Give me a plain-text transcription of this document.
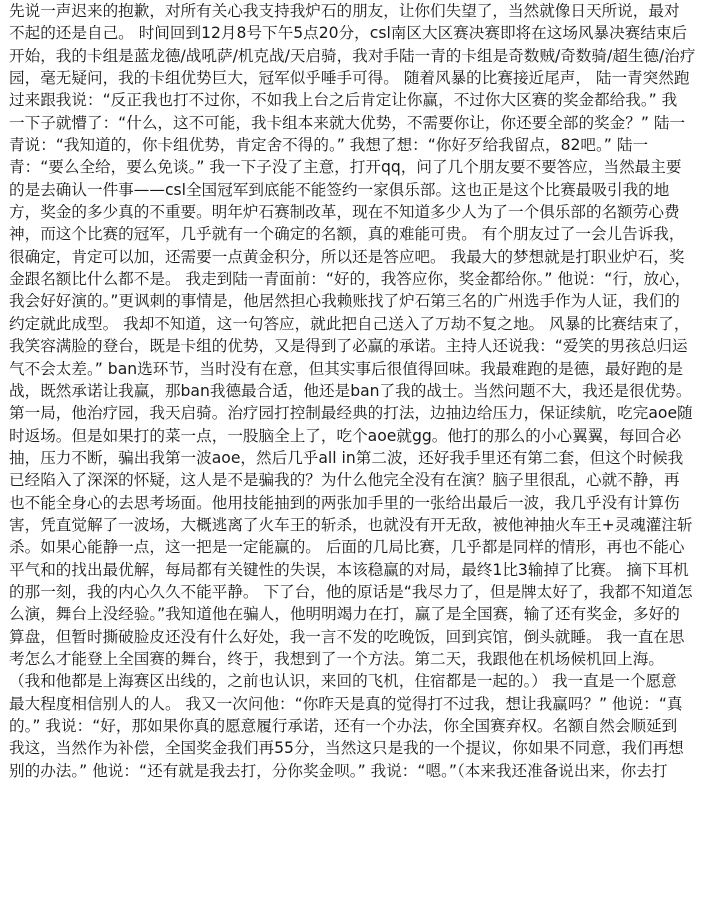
先说一声迟来的抱歉，对所有关心我支持我炉石的朋友，让你们失望了，当然就像日天所说，最对
不起的还是自己。 时间回到12月8号下午5点20分，csl南区大区赛决赛即将在这场风暴决赛结束后
开始，我的卡组是蓝龙德/战吼萨/机克战/天启骑，我对手陆一青的卡组是奇数贼/奇数骑/超生德/治疗
园，毫无疑问，我的卡组优势巨大，冠军似乎唾手可得。 随着风暴的比赛接近尾声， 陆一青突然跑
过来跟我说：“反正我也打不过你，不如我上台之后肯定让你赢，不过你大区赛的奖金都给我。” 我
一下子就懵了：“什么，这不可能，我卡组本来就大优势，不需要你让，你还要全部的奖金？” 陆一
青说：“我知道的，你卡组优势，肯定舍不得的。” 我想了想：“你好歹给我留点，82吧。” 陆一
青：“要么全给，要么免谈。” 我一下子没了主意，打开qq，问了几个朋友要不要答应，当然最主要
的是去确认一件事——csl全国冠军到底能不能签约一家俱乐部。这也正是这个比赛最吸引我的地
方，奖金的多少真的不重要。明年炉石赛制改革，现在不知道多少人为了一个俱乐部的名额劳心费
神，而这个比赛的冠军，几乎就有一个确定的名额，真的难能可贵。 有个朋友过了一会儿告诉我，
很确定，肯定可以加，还需要一点黄金积分，所以还是答应吧。 我最大的梦想就是打职业炉石，奖
金跟名额比什么都不是。 我走到陆一青面前：“好的，我答应你，奖金都给你。” 他说：“行，放心，
我会好好演的。”更讽刺的事情是，他居然担心我赖账找了炉石第三名的广州选手作为人证，我们的
约定就此成型。 我却不知道，这一句答应，就此把自己送入了万劫不复之地。 风暴的比赛结束了，
我笑容满脸的登台，既是卡组的优势，又是得到了必赢的承诺。主持人还说我：“爱笑的男孩总归运
气不会太差。” ban选环节，当时没有在意，但其实事后很值得回味。我最难跑的是德，最好跑的是
战，既然承诺让我赢，那ban我德最合适，他还是ban了我的战士。当然问题不大，我还是很优势。
第一局，他治疗园，我天启骑。治疗园打控制最经典的打法，边抽边给压力，保证续航，吃完aoe随
时返场。但是如果打的菜一点，一股脑全上了，吃个aoe就gg。他打的那么的小心翼翼，每回合必
抽，压力不断，骗出我第一波aoe，然后几乎all in第二波，还好我手里还有第二套，但这个时候我
已经陷入了深深的怀疑，这人是不是骗我的？为什么他完全没有在演？脑子里很乱，心就不静，再
也不能全身心的去思考场面。他用技能抽到的两张加手里的一张给出最后一波，我几乎没有计算伤
害，凭直觉解了一波场，大概逃离了火车王的斩杀，也就没有开无敌，被他神抽火车王+灵魂灌注斩
杀。如果心能静一点，这一把是一定能赢的。 后面的几局比赛，几乎都是同样的情形，再也不能心
平气和的找出最优解，每局都有关键性的失误，本该稳赢的对局，最终1比3输掉了比赛。 摘下耳机
的那一刻，我的内心久久不能平静。 下了台，他的原话是“我尽力了，但是牌太好了，我都不知道怎
么演，舞台上没经验。”我知道他在骗人，他明明竭力在打，赢了是全国赛，输了还有奖金，多好的
算盘，但暂时撕破脸皮还没有什么好处，我一言不发的吃晚饭，回到宾馆，倒头就睡。 我一直在思
考怎么才能登上全国赛的舞台，终于，我想到了一个方法。第二天，我跟他在机场候机回上海。
（我和他都是上海赛区出线的，之前也认识，来回的飞机，住宿都是一起的。） 我一直是一个愿意
最大程度相信别人的人。 我又一次问他：“你昨天是真的觉得打不过我，想让我赢吗？” 他说：“真
的。” 我说：“好，那如果你真的愿意履行承诺，还有一个办法，你全国赛弃权。名额自然会顺延到
我这，当然作为补偿，全国奖金我们再55分，当然这只是我的一个提议，你如果不同意，我们再想
别的办法。” 他说：“还有就是我去打，分你奖金呗。” 我说：“嗯。”（本来我还准备说出来，你去打
